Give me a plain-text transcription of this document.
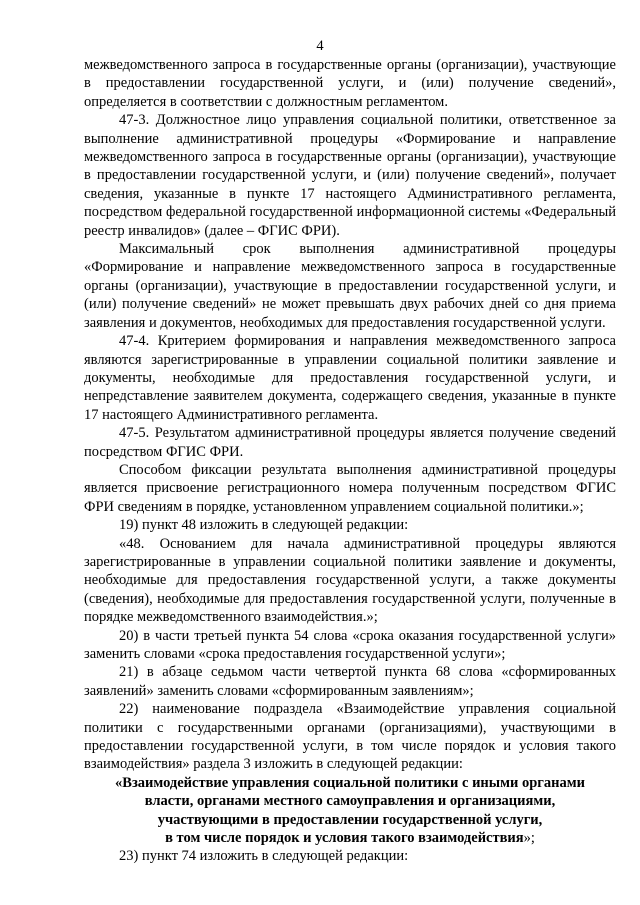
4

межведомственного запроса в государственные органы (организации), участвующие в предоставлении государственной услуги, и (или) получение сведений», определяется в соответствии с должностным регламентом.

47-3. Должностное лицо управления социальной политики, ответственное за выполнение административной процедуры «Формирование и направление межведомственного запроса в государственные органы (организации), участвующие в предоставлении государственной услуги, и (или) получение сведений», получает сведения, указанные в пункте 17 настоящего Административного регламента, посредством федеральной государственной информационной системы «Федеральный реестр инвалидов» (далее – ФГИС ФРИ).

Максимальный срок выполнения административной процедуры «Формирование и направление межведомственного запроса в государственные органы (организации), участвующие в предоставлении государственной услуги, и (или) получение сведений» не может превышать двух рабочих дней со дня приема заявления и документов, необходимых для предоставления государственной услуги.

47-4. Критерием формирования и направления межведомственного запроса являются зарегистрированные в управлении социальной политики заявление и документы, необходимые для предоставления государственной услуги, и непредставление заявителем документа, содержащего сведения, указанные в пункте 17 настоящего Административного регламента.

47-5. Результатом административной процедуры является получение сведений посредством ФГИС ФРИ.

Способом фиксации результата выполнения административной процедуры является присвоение регистрационного номера полученным посредством ФГИС ФРИ сведениям в порядке, установленном управлением социальной политики.»;

19) пункт 48 изложить в следующей редакции:

«48. Основанием для начала административной процедуры являются зарегистрированные в управлении социальной политики заявление и документы, необходимые для предоставления государственной услуги, а также документы (сведения), необходимые для предоставления государственной услуги, полученные в порядке межведомственного взаимодействия.»;

20) в части третьей пункта 54 слова «срока оказания государственной услуги» заменить словами «срока предоставления государственной услуги»;

21) в абзаце седьмом части четвертой пункта 68 слова «сформированных заявлений» заменить словами «сформированным заявлениям»;

22) наименование подраздела «Взаимодействие управления социальной политики с государственными органами (организациями), участвующими в предоставлении государственной услуги, в том числе порядок и условия такого взаимодействия» раздела 3 изложить в следующей редакции:

«Взаимодействие управления социальной политики с иными органами
власти, органами местного самоуправления и организациями,
участвующими в предоставлении государственной услуги,
в том числе порядок и условия такого взаимодействия»;

23) пункт 74 изложить в следующей редакции:
